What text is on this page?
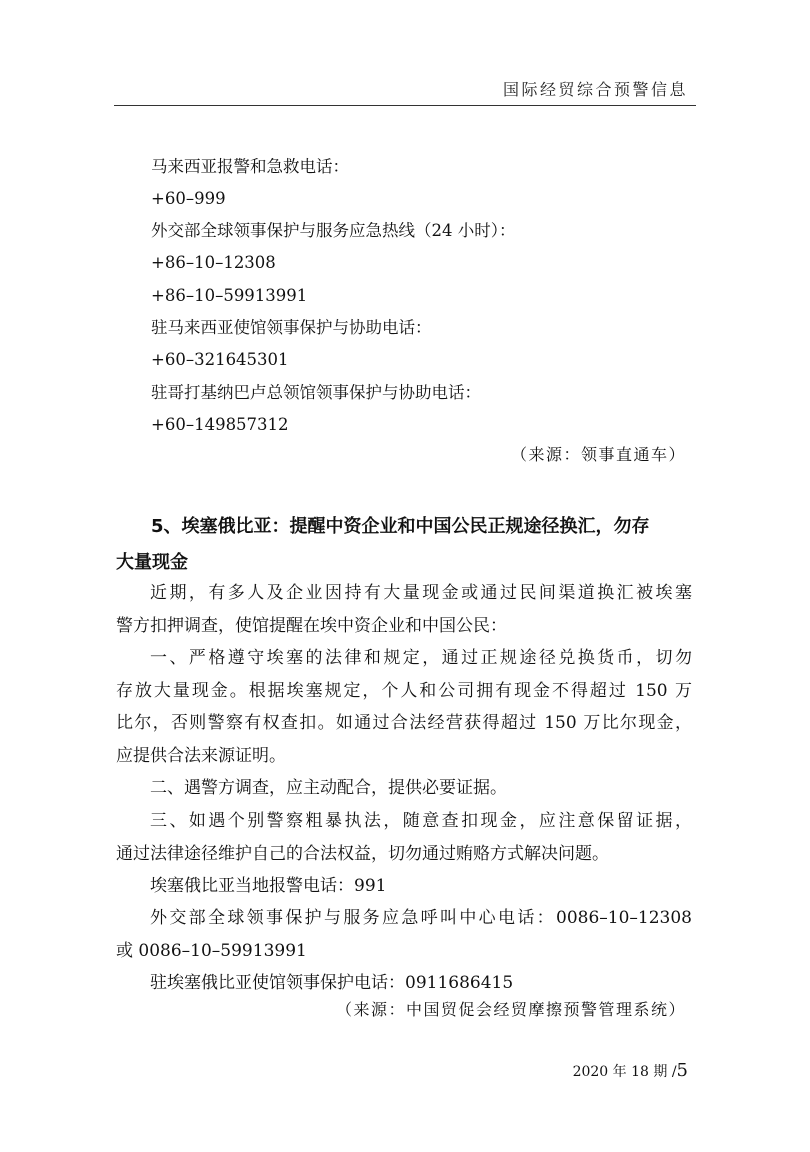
国际经贸综合预警信息
马来西亚报警和急救电话：
+60–999
外交部全球领事保护与服务应急热线（24 小时）：
+86–10–12308
+86–10–59913991
驻马来西亚使馆领事保护与协助电话：
+60–321645301
驻哥打基纳巴卢总领馆领事保护与协助电话：
+60–149857312
（来源：领事直通车）
5、埃塞俄比亚：提醒中资企业和中国公民正规途径换汇，勿存
大量现金
近期，有多人及企业因持有大量现金或通过民间渠道换汇被埃塞
警方扣押调查，使馆提醒在埃中资企业和中国公民：
一、严格遵守埃塞的法律和规定，通过正规途径兑换货币，切勿
存放大量现金。根据埃塞规定，个人和公司拥有现金不得超过 150 万
比尔，否则警察有权查扣。如通过合法经营获得超过 150 万比尔现金，
应提供合法来源证明。
二、遇警方调查，应主动配合，提供必要证据。
三、如遇个别警察粗暴执法，随意查扣现金，应注意保留证据，
通过法律途径维护自己的合法权益，切勿通过贿赂方式解决问题。
埃塞俄比亚当地报警电话：991
外交部全球领事保护与服务应急呼叫中心电话：0086–10–12308
或 0086–10–59913991
驻埃塞俄比亚使馆领事保护电话：0911686415
（来源：中国贸促会经贸摩擦预警管理系统）
2020 年 18 期 /5
